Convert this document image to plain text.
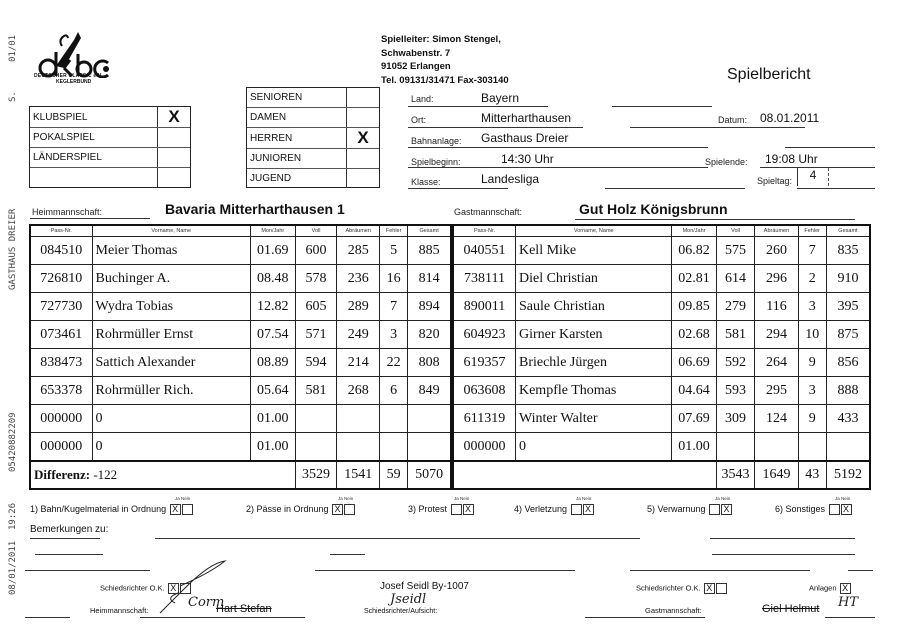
01/01
S.
GASTHAUS DREIER
05420882209
19:26
08/01/2011
DEUTSCHER CLASSIC e.V.
KEGLERBUND
KLUBSPIEL	X
POKALSPIEL	
LÄNDERSPIEL	

SENIOREN	
DAMEN	
HERREN	X
JUNIOREN	
JUGEND	
Spielleiter: Simon Stengel,
Schwabenstr. 7
91052 Erlangen
Tel. 09131/31471 Fax-303140	Spielbericht
Land:	Bayern
Ort:	Mitterharthausen	Datum: 08.01.2011
Bahnanlage: Gasthaus Dreier
Spielbeginn:	14:30 Uhr	Spielende: 19:08 Uhr
Klasse:	Landesliga	Spieltag:	4
Heimmannschaft:	Bavaria Mitterharthausen 1	Gastmannschaft:	Gut Holz Königsbrunn
Pass-Nr.	Vorname, Name	Mon/Jahr	Voll	Abräumen	Fehler	Gesamt
084510	Meier Thomas	01.69	600	285	5	885
726810	Buchinger A.	08.48	578	236	16	814
727730	Wydra Tobias	12.82	605	289	7	894
073461	Rohrmüller Ernst	07.54	571	249	3	820
838473	Sattich Alexander	08.89	594	214	22	808
653378	Rohrmüller Rich.	05.64	581	268	6	849
000000	0	01.00				
000000	0	01.00				
Differenz: -122			3529	1541	59	5070
Pass-Nr.	Vorname, Name	Mon/Jahr	Voll	Abräumen	Fehler	Gesamt
040551	Kell Mike	06.82	575	260	7	835
738111	Diel Christian	02.81	614	296	2	910
890011	Saule Christian	09.85	279	116	3	395
604923	Girner Karsten	02.68	581	294	10	875
619357	Briechle Jürgen	06.69	592	264	9	856
063608	Kempfle Thomas	04.64	593	295	3	888
611319	Winter Walter	07.69	309	124	9	433
000000	0	01.00				
			3543	1649	43	5192
1) Bahn/Kugelmaterial in Ordnung
Ja Nein
X	2) Pässe in Ordnung
Ja Nein
X	3) Protest
Ja Nein
X	4) Verletzung
Ja Nein
X	5) Verwarnung
Ja Nein
X	6) Sonstiges
Ja Nein
X
Bemerkungen zu:
Schiedsrichter O.K. X
Heimmannschaft:
Corm
Hart Stefan
Josef Seidl By-1007
Jseidl
Schiedsrichter/Aufsicht:
Schiedsrichter O.K. X	Anlagen X
Gastmannschaft:	Giel Helmut HT
